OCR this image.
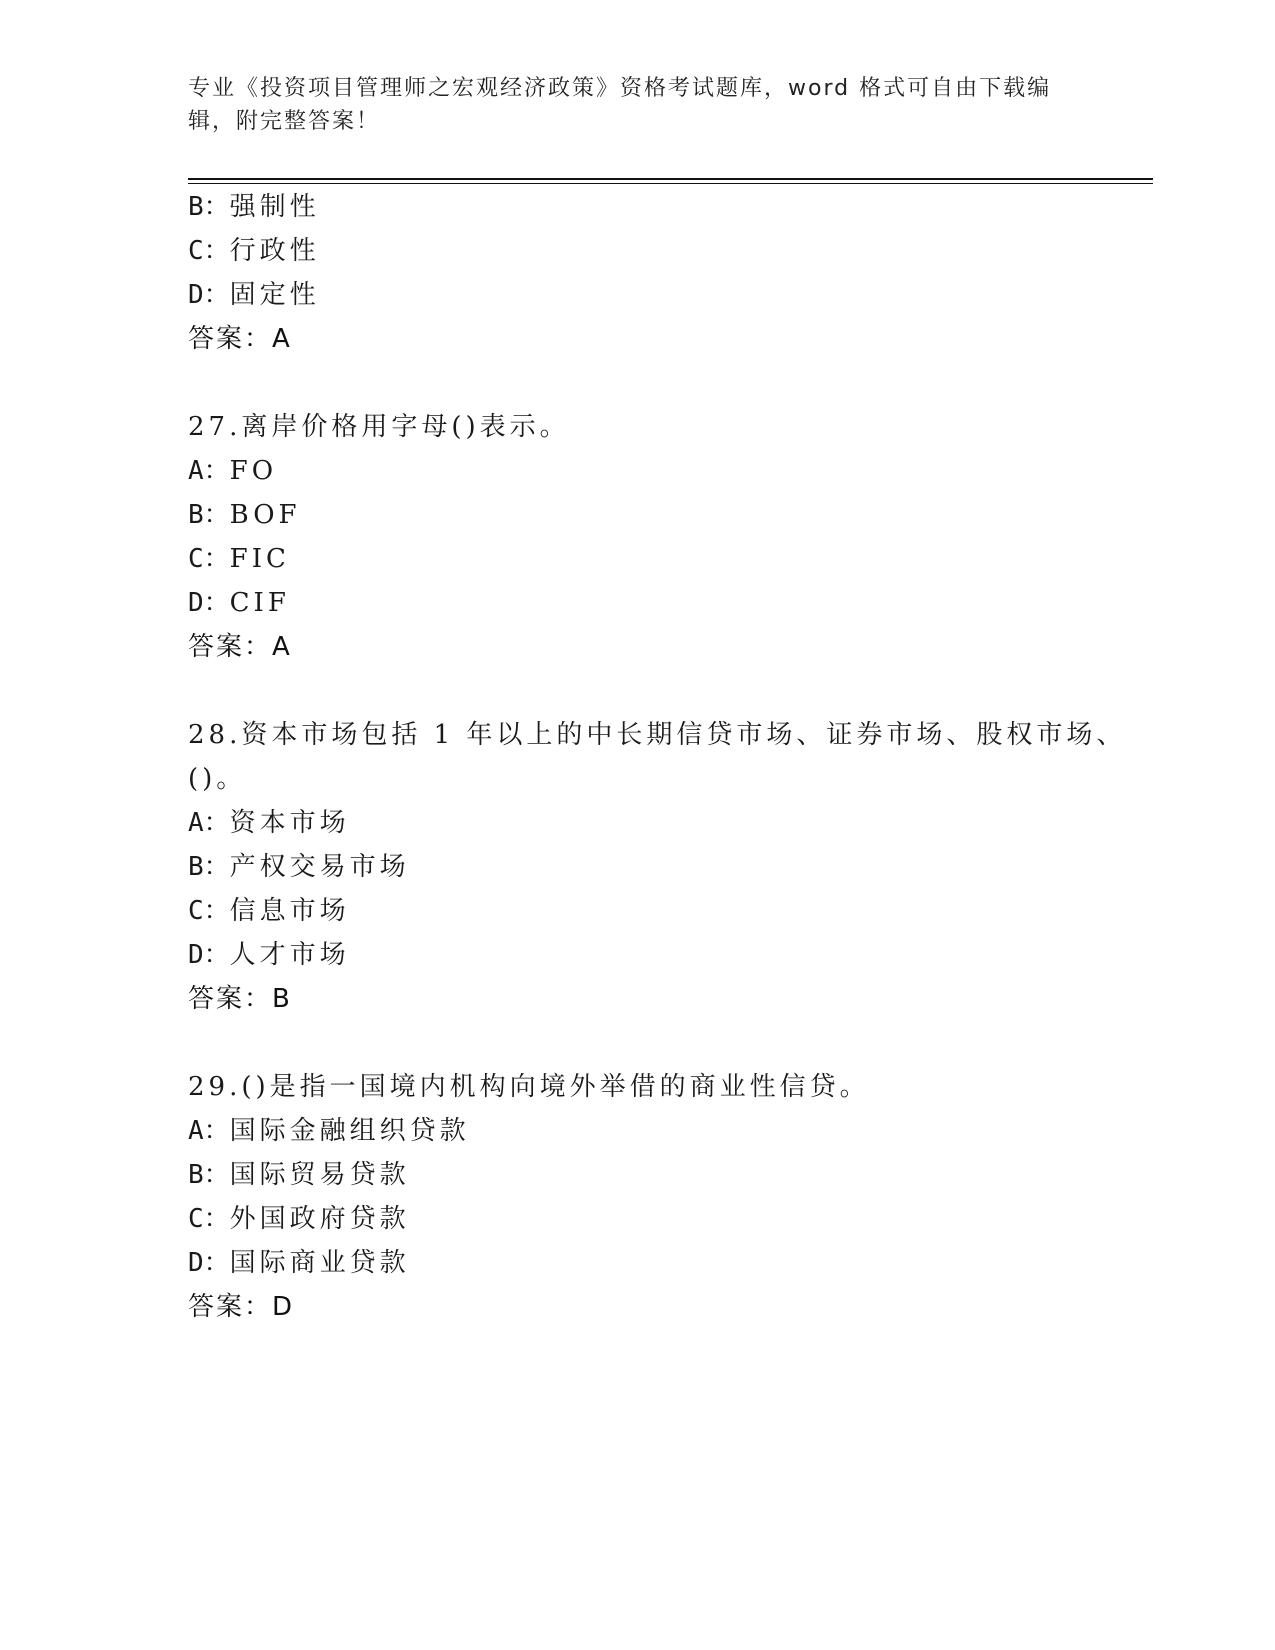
专业《投资项目管理师之宏观经济政策》资格考试题库，word 格式可自由下载编
辑，附完整答案！
B：强制性
C：行政性
D：固定性
答案：A
27.离岸价格用字母()表示。
A：FO
B：BOF
C：FIC
D：CIF
答案：A
28.资本市场包括 1 年以上的中长期信贷市场、证券市场、股权市场、
()。
A：资本市场
B：产权交易市场
C：信息市场
D：人才市场
答案：B
29.()是指一国境内机构向境外举借的商业性信贷。
A：国际金融组织贷款
B：国际贸易贷款
C：外国政府贷款
D：国际商业贷款
答案：D
